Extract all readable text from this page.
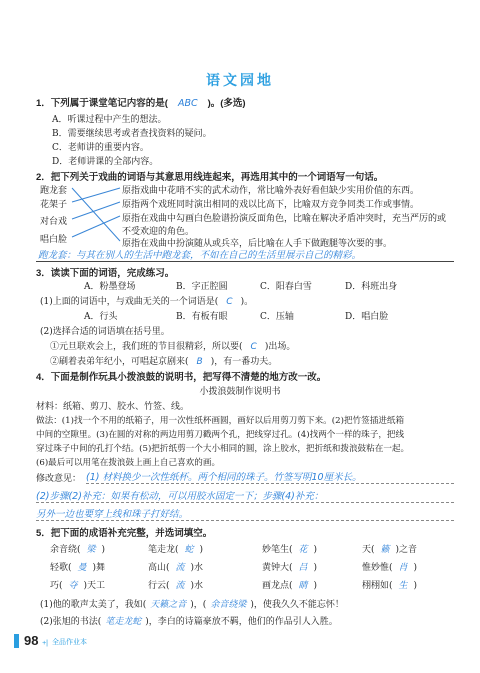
语文园地
1．下列属于课堂笔记内容的是( ABC )。(多选)
A．听课过程中产生的想法。
B．需要继续思考或者查找资料的疑问。
C．老师讲的重要内容。
D．老师讲课的全部内容。
2．把下列关于戏曲的词语与其意思用线连起来，再选用其中的一个词语写一句话。
跑龙套
花架子
对台戏
唱白脸
原指戏曲中花哨不实的武术动作，常比喻外表好看但缺少实用价值的东西。
原指两个戏班同时演出相同的戏以比高下，比喻双方竞争同类工作或事情。
原指在戏曲中勾画白色脸谱扮演反面角色，比喻在解决矛盾冲突时，充当严厉的或
不受欢迎的角色。
原指在戏曲中扮演随从或兵卒，后比喻在人手下做跑腿等次要的事。
跑龙套：与其在别人的生活中跑龙套，不如在自己的生活里展示自己的精彩。
3．读读下面的词语，完成练习。
A．粉墨登场	B．字正腔圆	C．阳春白雪	D．科班出身
(1)上面的词语中，与戏曲无关的一个词语是( C )。
A．行头	B．有板有眼	C．压轴	D．唱白脸
(2)选择合适的词语填在括号里。
①元旦联欢会上，我们班的节目很精彩，所以要( C )出场。
②刷着表弟年纪小，可唱起京剧来( B )，有一番功夫。
4．下面是制作玩具小拨浪鼓的说明书，把写得不清楚的地方改一改。
小拨浪鼓制作说明书
材料：纸箱、剪刀、胶水、竹签、线。
做法：(1)找一个不用的纸箱子，用一次性纸杯画圆，画好以后用剪刀剪下来。(2)把竹签插进纸箱
中间的空隙里。(3)在圆的对称的两边用剪刀戳两个孔，把线穿过孔。(4)找两个一样的珠子，把线
穿过珠子中间的孔打个结。(5)把折纸剪一个大小相同的圆，涂上胶水，把折纸和拨浪鼓粘在一起。
(6)最后可以用笔在拨浪鼓上画上自己喜欢的画。
修改意见： (1) 材料换少一次性纸杯。两个相同的珠子。竹签写明10厘米长。
(2)步骤(2)补充：如果有松动，可以用胶水固定一下；步骤(4)补充：
另外一边也要穿上线和珠子打好结。
5．把下面的成语补充完整，并选词填空。
余音绕( 梁 )	笔走龙( 蛇 )	妙笔生( 花 )	天( 籁 )之音
轻歌( 曼 )舞	高山( 流 )水	黄钟大( 吕 )	惟妙惟( 肖 )
巧( 夺 )天工	行云( 流 )水	画龙点( 睛 )	栩栩如( 生 )
(1)他的歌声太美了，我如( 天籁之音 )，( 余音绕梁 )，使我久久不能忘怀！
(2)张旭的书法( 笔走龙蛇 )，李白的诗篇豪放不羁，他们的作品引人入胜。
98 +| 全品作业本
